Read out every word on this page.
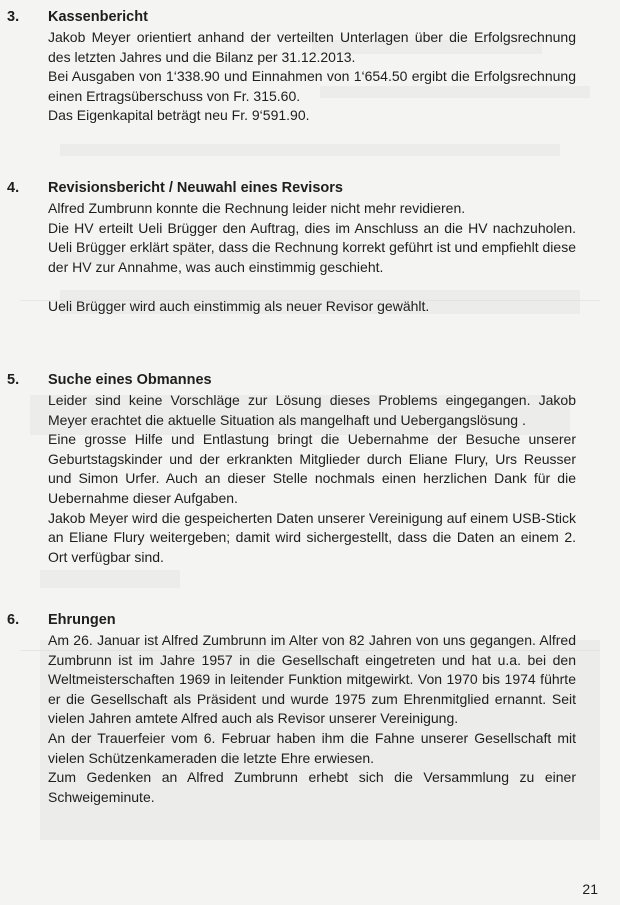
3. Kassenbericht

Jakob Meyer orientiert anhand der verteilten Unterlagen über die Erfolgsrechnung des letzten Jahres und die Bilanz per 31.12.2013.

Bei Ausgaben von 1‘338.90 und Einnahmen von 1‘654.50 ergibt die Erfolgsrechnung einen Ertragsüberschuss von Fr. 315.60.

Das Eigenkapital beträgt neu Fr. 9‘591.90.

4. Revisionsbericht / Neuwahl eines Revisors

Alfred Zumbrunn konnte die Rechnung leider nicht mehr revidieren.

Die HV erteilt Ueli Brügger den Auftrag, dies im Anschluss an die HV nachzuholen. Ueli Brügger erklärt später, dass die Rechnung korrekt geführt ist und empfiehlt diese der HV zur Annahme, was auch einstimmig geschieht.

Ueli Brügger wird auch einstimmig als neuer Revisor gewählt.

5. Suche eines Obmannes

Leider sind keine Vorschläge zur Lösung dieses Problems eingegangen. Jakob Meyer erachtet die aktuelle Situation als mangelhaft und Uebergangslösung .

Eine grosse Hilfe und Entlastung bringt die Uebernahme der Besuche unserer Geburtstagskinder und der erkrankten Mitglieder durch Eliane Flury, Urs Reusser und Simon Urfer. Auch an dieser Stelle nochmals einen herzlichen Dank für die Uebernahme dieser Aufgaben.

Jakob Meyer wird die gespeicherten Daten unserer Vereinigung auf einem USB-Stick an Eliane Flury weitergeben; damit wird sichergestellt, dass die Daten an einem 2. Ort verfügbar sind.

6. Ehrungen

Am 26. Januar ist Alfred Zumbrunn im Alter von 82 Jahren von uns gegangen. Alfred Zumbrunn ist im Jahre 1957 in die Gesellschaft eingetreten und hat u.a. bei den Weltmeisterschaften 1969 in leitender Funktion mitgewirkt. Von 1970 bis 1974 führte er die Gesellschaft als Präsident und wurde 1975 zum Ehrenmitglied ernannt. Seit vielen Jahren amtete Alfred auch als Revisor unserer Vereinigung.

An der Trauerfeier vom 6. Februar haben ihm die Fahne unserer Gesellschaft mit vielen Schützenkameraden die letzte Ehre erwiesen.

Zum Gedenken an Alfred Zumbrunn erhebt sich die Versammlung zu einer Schweigeminute.

21
